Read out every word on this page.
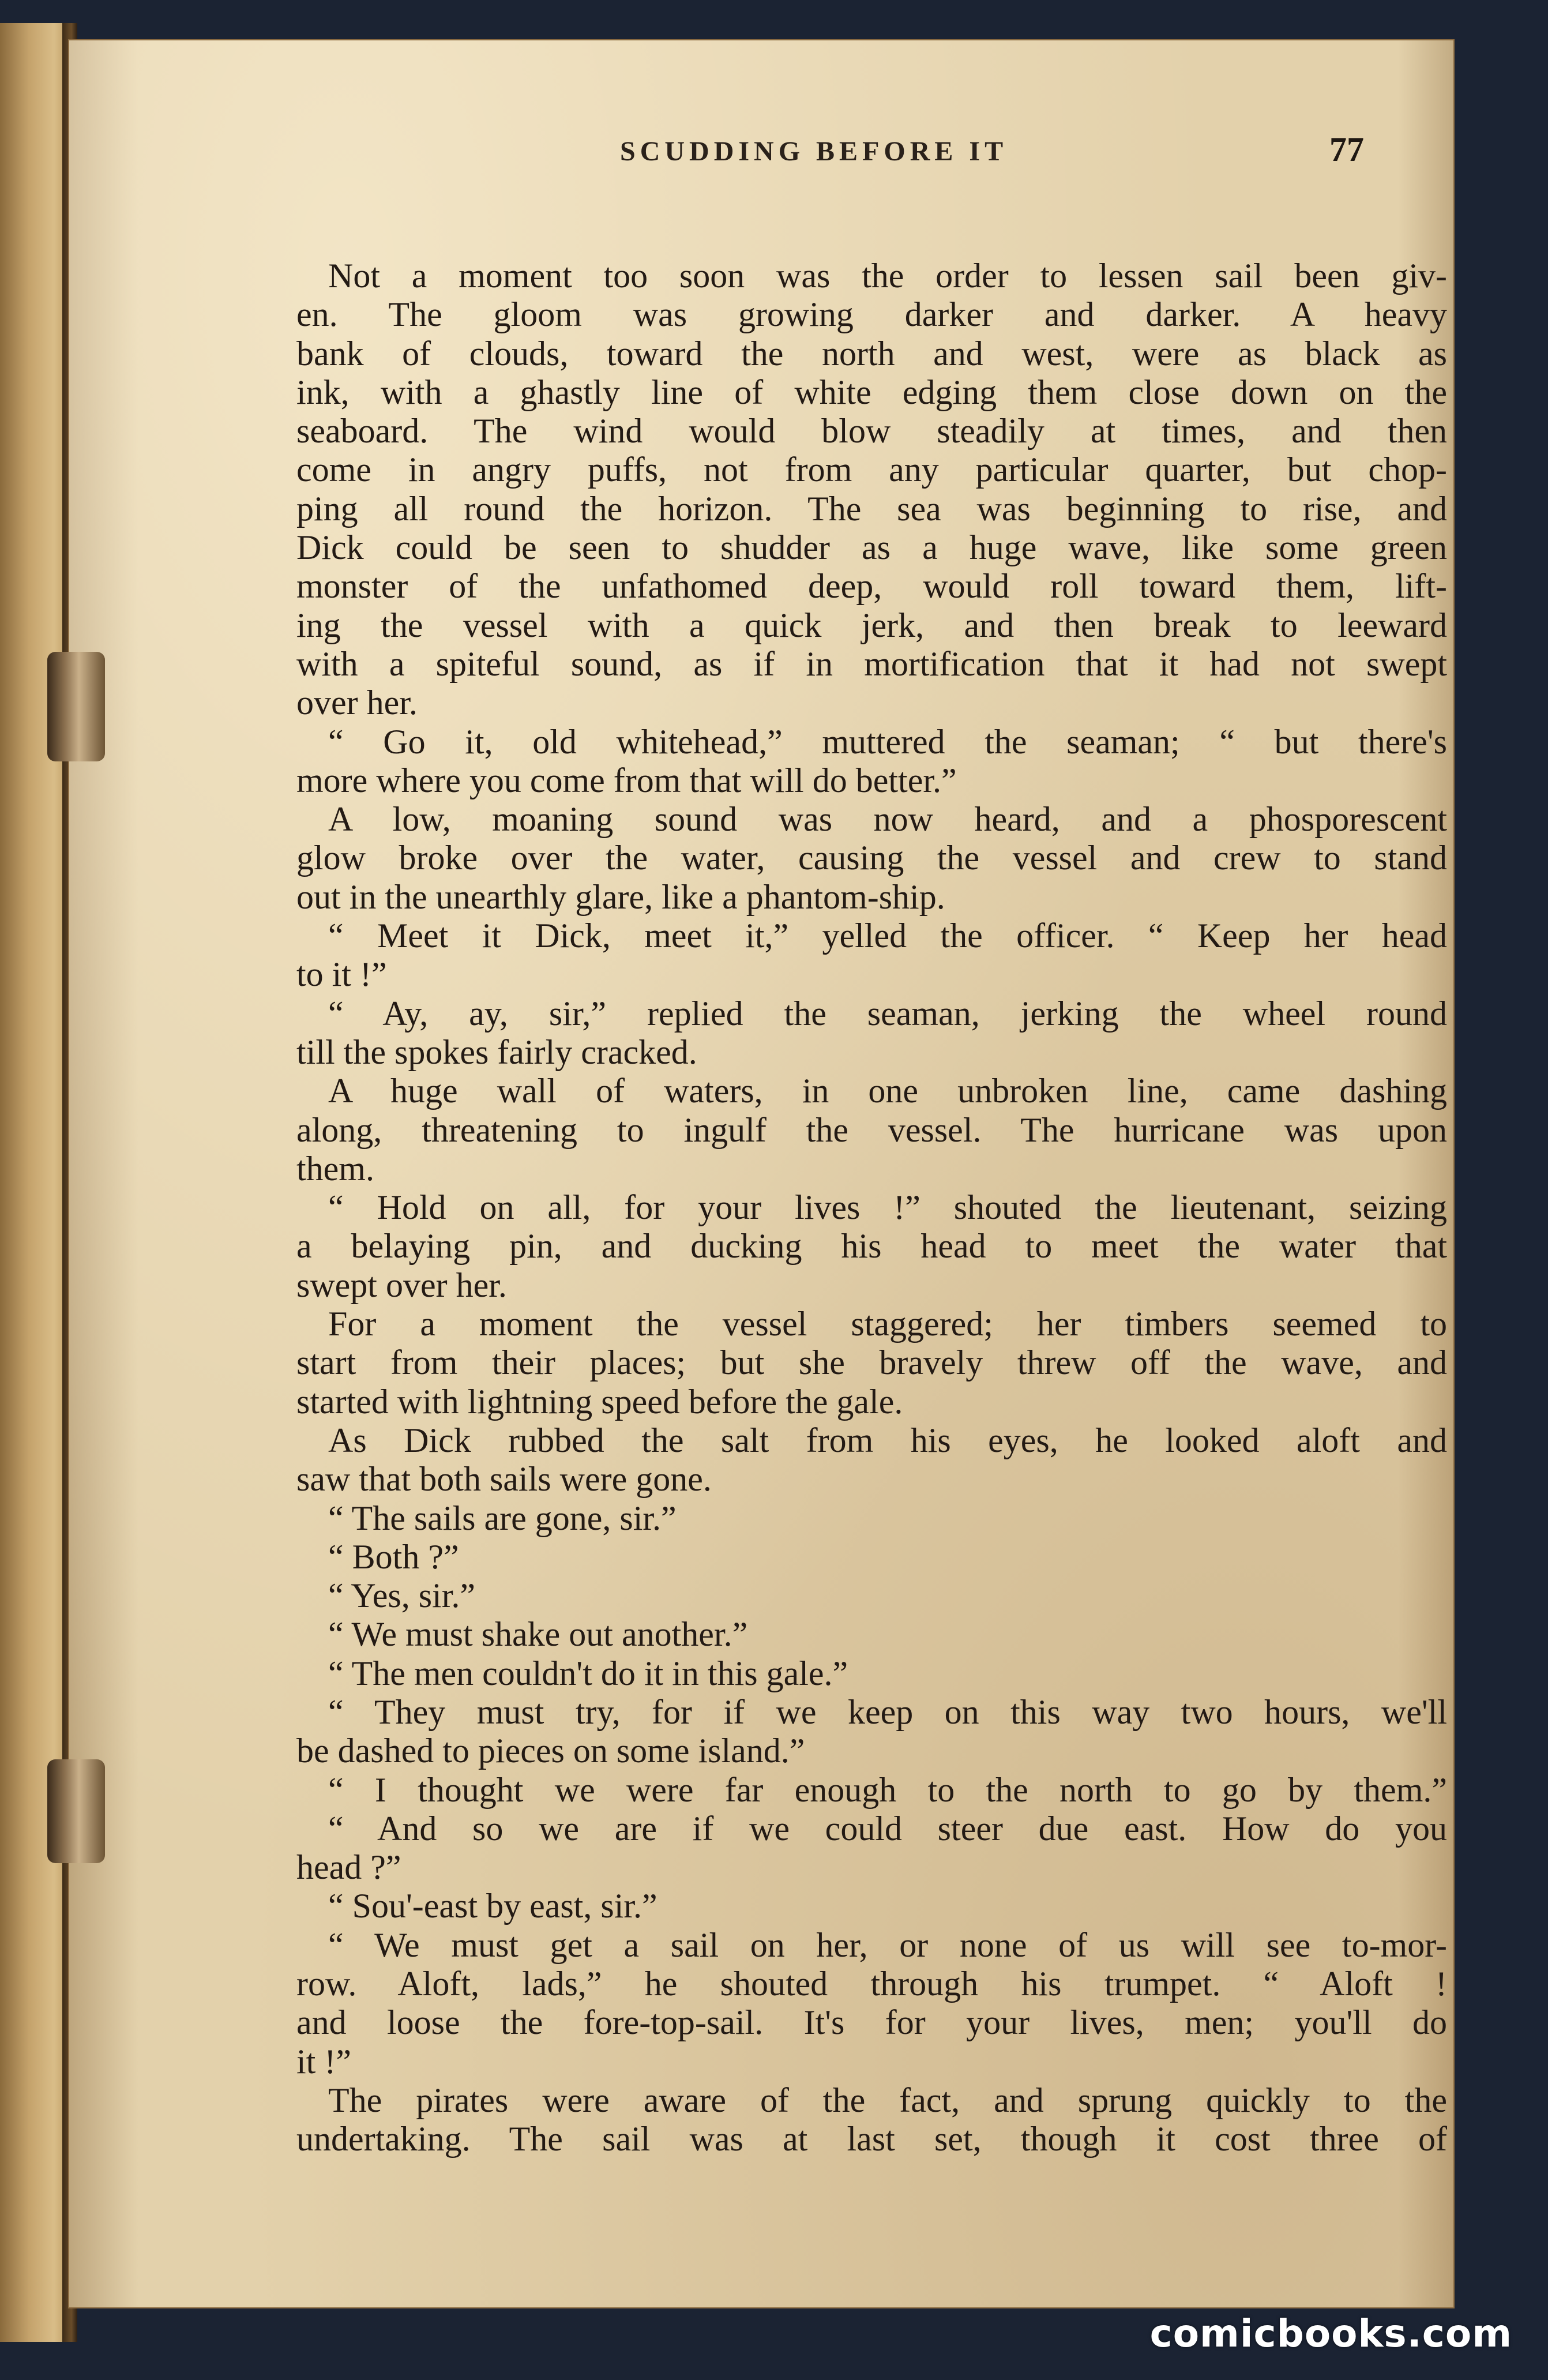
SCUDDING BEFORE IT	77
Not a moment too soon was the order to lessen sail been giv-
en. The gloom was growing darker and darker. A heavy
bank of clouds, toward the north and west, were as black as
ink, with a ghastly line of white edging them close down on the
seaboard. The wind would blow steadily at times, and then
come in angry puffs, not from any particular quarter, but chop-
ping all round the horizon. The sea was beginning to rise, and
Dick could be seen to shudder as a huge wave, like some green
monster of the unfathomed deep, would roll toward them, lift-
ing the vessel with a quick jerk, and then break to leeward
with a spiteful sound, as if in mortification that it had not swept
over her.
“ Go it, old whitehead,” muttered the seaman; “ but there's
more where you come from that will do better.”
A low, moaning sound was now heard, and a phosporescent
glow broke over the water, causing the vessel and crew to stand
out in the unearthly glare, like a phantom-ship.
“ Meet it Dick, meet it,” yelled the officer. “ Keep her head
to it !”
“ Ay, ay, sir,” replied the seaman, jerking the wheel round
till the spokes fairly cracked.
A huge wall of waters, in one unbroken line, came dashing
along, threatening to ingulf the vessel. The hurricane was upon
them.
“ Hold on all, for your lives !” shouted the lieutenant, seizing
a belaying pin, and ducking his head to meet the water that
swept over her.
For a moment the vessel staggered; her timbers seemed to
start from their places; but she bravely threw off the wave, and
started with lightning speed before the gale.
As Dick rubbed the salt from his eyes, he looked aloft and
saw that both sails were gone.
“ The sails are gone, sir.”
“ Both ?”
“ Yes, sir.”
“ We must shake out another.”
“ The men couldn't do it in this gale.”
“ They must try, for if we keep on this way two hours, we'll
be dashed to pieces on some island.”
“ I thought we were far enough to the north to go by them.”
“ And so we are if we could steer due east. How do you
head ?”
“ Sou'-east by east, sir.”
“ We must get a sail on her, or none of us will see to-mor-
row. Aloft, lads,” he shouted through his trumpet. “ Aloft !
and loose the fore-top-sail. It's for your lives, men; you'll do
it !”
The pirates were aware of the fact, and sprung quickly to the
undertaking. The sail was at last set, though it cost three of
comicbooks.com
